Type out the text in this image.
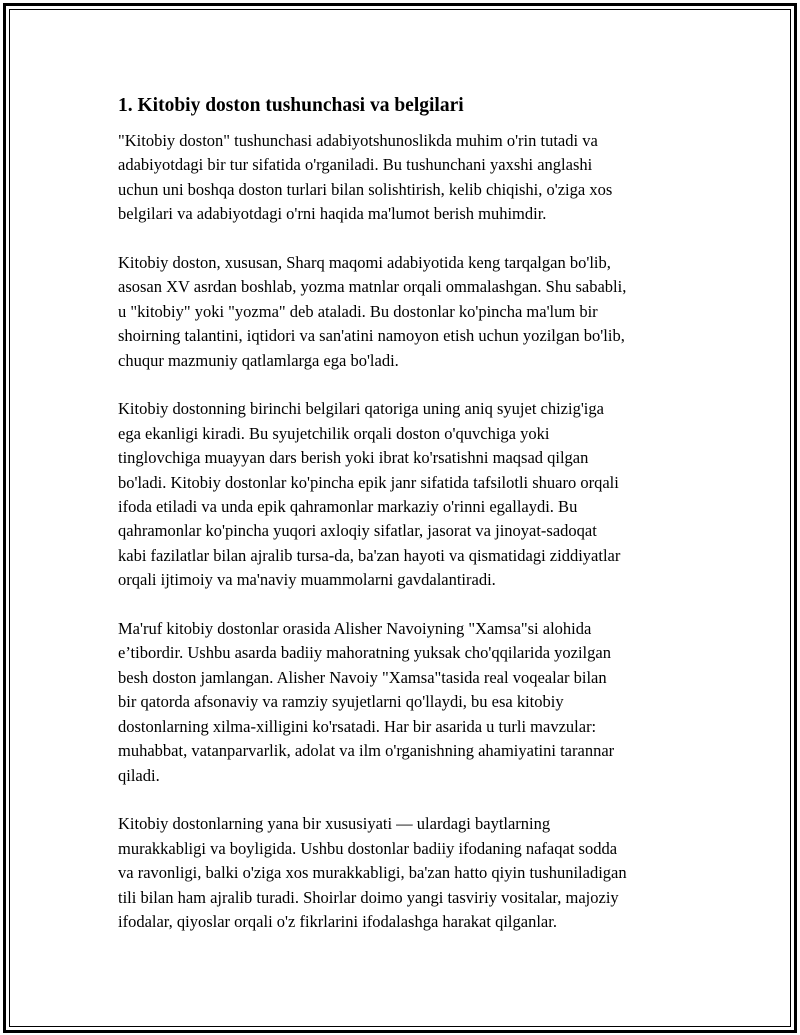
1. Kitobiy doston tushunchasi va belgilari

"Kitobiy doston" tushunchasi adabiyotshunoslikda muhim o'rin tutadi va
adabiyotdagi bir tur sifatida o'rganiladi. Bu tushunchani yaxshi anglashi
uchun uni boshqa doston turlari bilan solishtirish, kelib chiqishi, o'ziga xos
belgilari va adabiyotdagi o'rni haqida ma'lumot berish muhimdir.

Kitobiy doston, xususan, Sharq maqomi adabiyotida keng tarqalgan bo'lib,
asosan XV asrdan boshlab, yozma matnlar orqali ommalashgan. Shu sababli,
u "kitobiy" yoki "yozma" deb ataladi. Bu dostonlar ko'pincha ma'lum bir
shoirning talantini, iqtidori va san'atini namoyon etish uchun yozilgan bo'lib,
chuqur mazmuniy qatlamlarga ega bo'ladi.

Kitobiy dostonning birinchi belgilari qatoriga uning aniq syujet chizig'iga
ega ekanligi kiradi. Bu syujetchilik orqali doston o'quvchiga yoki
tinglovchiga muayyan dars berish yoki ibrat ko'rsatishni maqsad qilgan
bo'ladi. Kitobiy dostonlar ko'pincha epik janr sifatida tafsilotli shuaro orqali
ifoda etiladi va unda epik qahramonlar markaziy o'rinni egallaydi. Bu
qahramonlar ko'pincha yuqori axloqiy sifatlar, jasorat va jinoyat-sadoqat
kabi fazilatlar bilan ajralib tursa-da, ba'zan hayoti va qismatidagi ziddiyatlar
orqali ijtimoiy va ma'naviy muammolarni gavdalantiradi.

Ma'ruf kitobiy dostonlar orasida Alisher Navoiyning "Xamsa"si alohida
e’tibordir. Ushbu asarda badiiy mahoratning yuksak cho'qqilarida yozilgan
besh doston jamlangan. Alisher Navoiy "Xamsa"tasida real voqealar bilan
bir qatorda afsonaviy va ramziy syujetlarni qo'llaydi, bu esa kitobiy
dostonlarning xilma-xilligini ko'rsatadi. Har bir asarida u turli mavzular:
muhabbat, vatanparvarlik, adolat va ilm o'rganishning ahamiyatini tarannar
qiladi.

Kitobiy dostonlarning yana bir xususiyati — ulardagi baytlarning
murakkabligi va boyligida. Ushbu dostonlar badiiy ifodaning nafaqat sodda
va ravonligi, balki o'ziga xos murakkabligi, ba'zan hatto qiyin tushuniladigan
tili bilan ham ajralib turadi. Shoirlar doimo yangi tasviriy vositalar, majoziy
ifodalar, qiyoslar orqali o'z fikrlarini ifodalashga harakat qilganlar.
